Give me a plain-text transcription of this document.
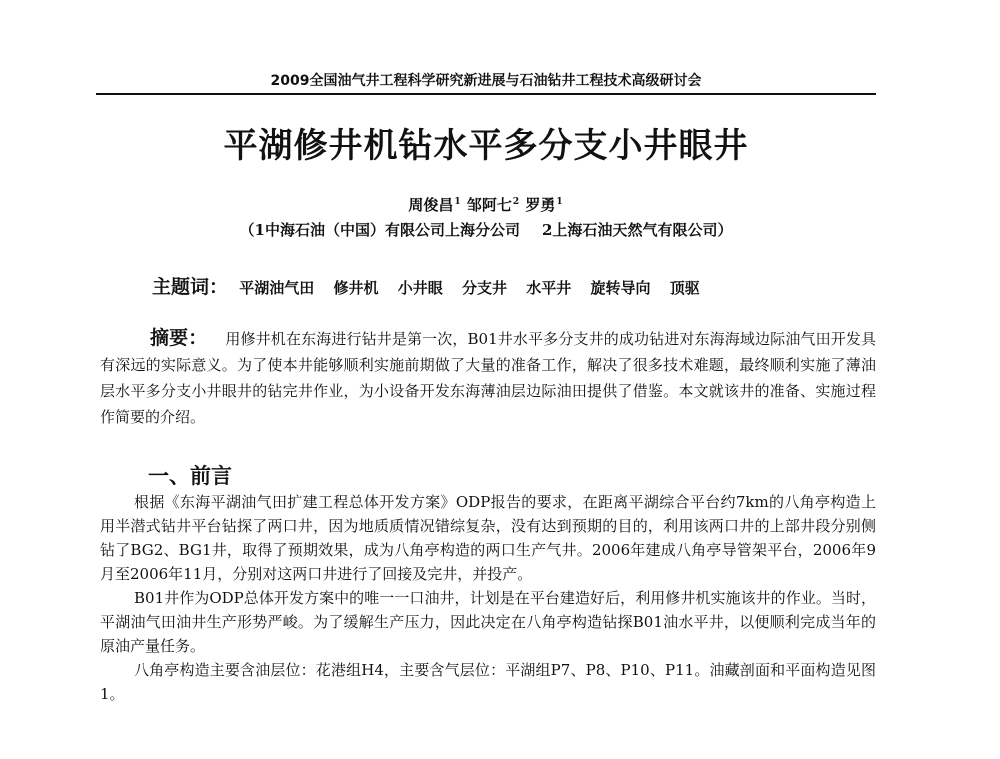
2009全国油气井工程科学研究新进展与石油钻井工程技术高级研讨会
平湖修井机钻水平多分支小井眼井
周俊昌$^1$ 邹阿七$^2$ 罗勇$^1$
（1中海石油（中国）有限公司上海分公司 2上海石油天然气有限公司）
主题词： 平湖油气田 修井机 小井眼 分支井 水平井 旋转导向 顶驱
摘要： 用修井机在东海进行钻井是第一次，B01井水平多分支井的成功钻进对东海海域边际油气田开发具有深远的实际意义。为了使本井能够顺利实施前期做了大量的准备工作，解决了很多技术难题，最终顺利实施了薄油层水平多分支小井眼井的钻完井作业，为小设备开发东海薄油层边际油田提供了借鉴。本文就该井的准备、实施过程作简要的介绍。
一、前言

根据《东海平湖油气田扩建工程总体开发方案》ODP报告的要求，在距离平湖综合平台约7km的八角亭构造上用半潜式钻井平台钻探了两口井，因为地质质情况错综复杂，没有达到预期的目的，利用该两口井的上部井段分别侧钻了BG2、BG1井，取得了预期效果，成为八角亭构造的两口生产气井。2006年建成八角亭导管架平台，2006年9月至2006年11月，分别对这两口井进行了回接及完井，并投产。

B01井作为ODP总体开发方案中的唯一一口油井，计划是在平台建造好后，利用修井机实施该井的作业。当时，平湖油气田油井生产形势严峻。为了缓解生产压力，因此决定在八角亭构造钻探B01油水平井，以便顺利完成当年的原油产量任务。

八角亭构造主要含油层位：花港组H4，主要含气层位：平湖组P7、P8、P10、P11。油藏剖面和平面构造见图1。
